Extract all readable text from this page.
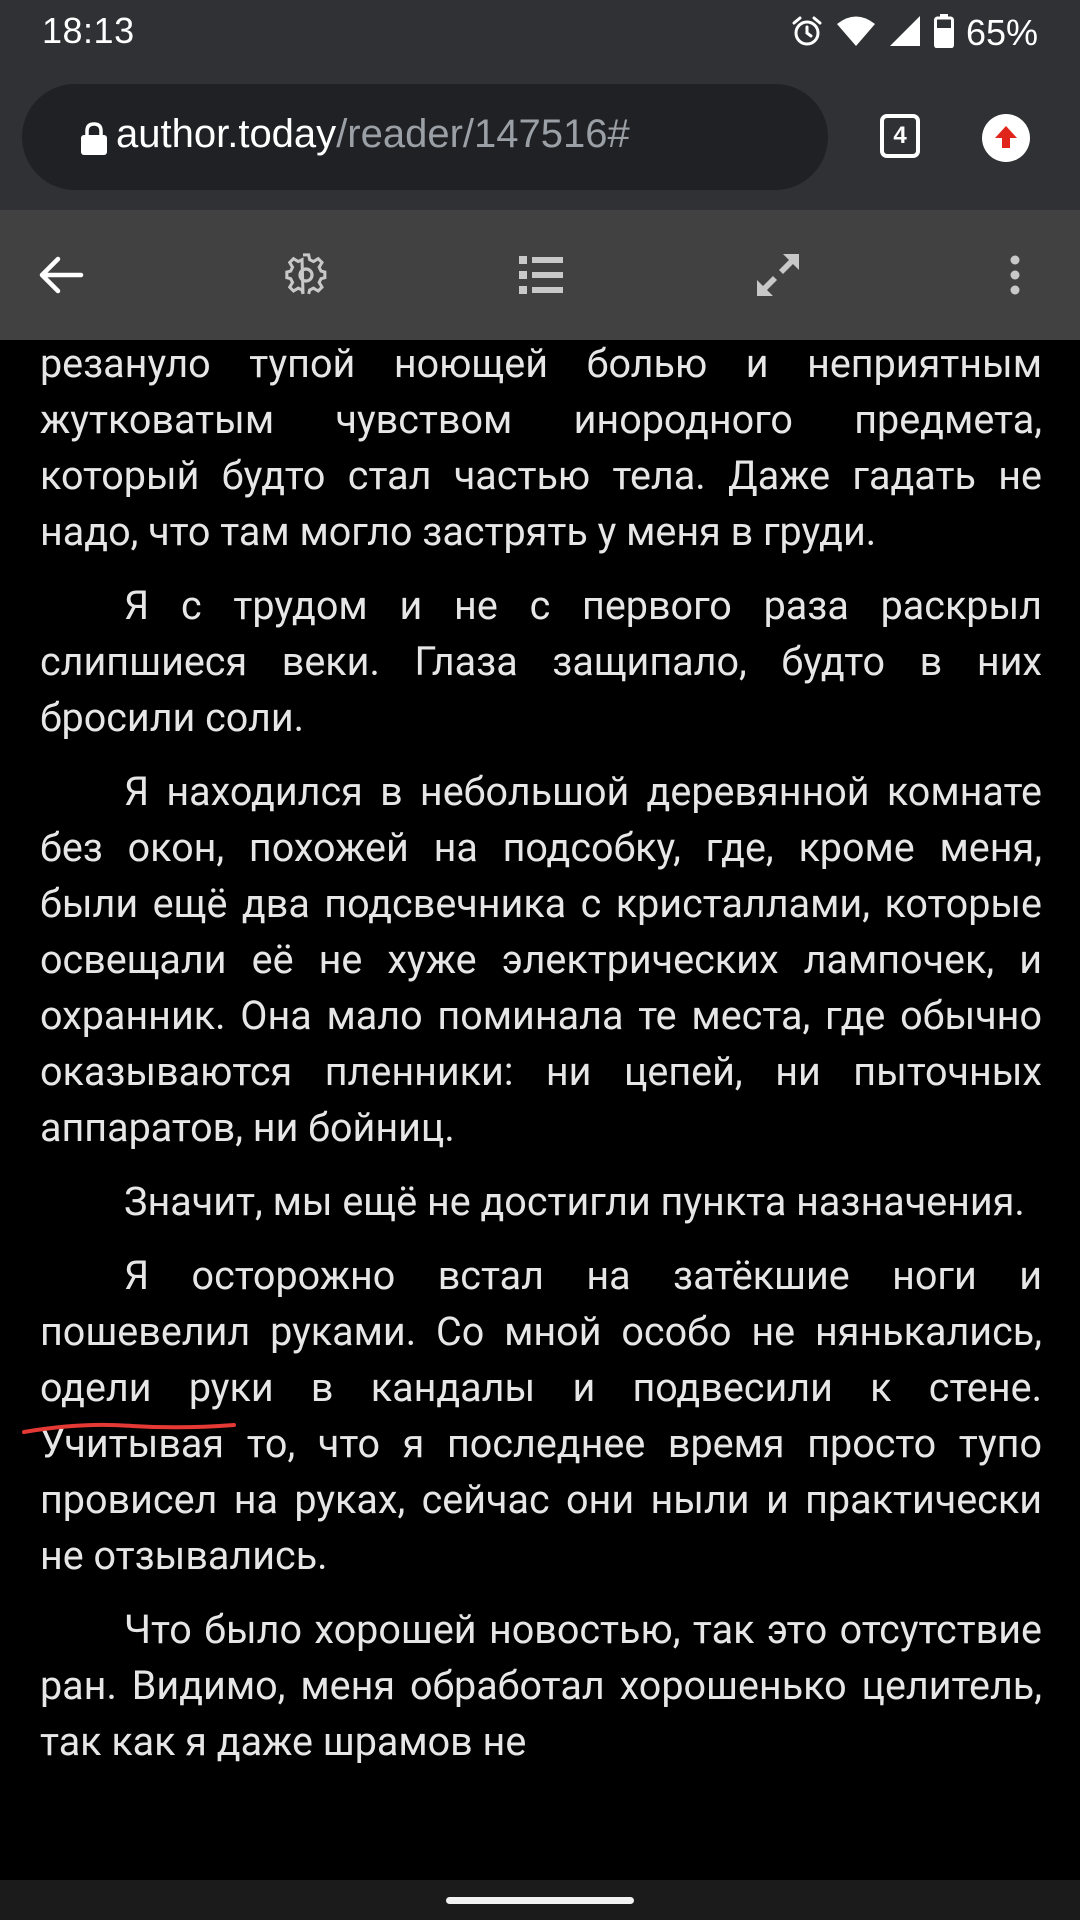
18:13	65%
author.today/reader/147516#	4

резануло тупой ноющей болью и неприятным жутковатым чувством инородного предмета, который будто стал частью тела. Даже гадать не надо, что там могло застрять у меня в груди.

Я с трудом и не с первого раза раскрыл слипшиеся веки. Глаза защипало, будто в них бросили соли.

Я находился в небольшой деревянной комнате без окон, похожей на подсобку, где, кроме меня, были ещё два подсвечника с кристаллами, которые освещали её не хуже электрических лампочек, и охранник. Она мало поминала те места, где обычно оказываются пленники: ни цепей, ни пыточных аппаратов, ни бойниц.

Значит, мы ещё не достигли пункта назначения.

Я осторожно встал на затёкшие ноги и пошевелил руками. Со мной особо не нянькались, одели руки в кандалы и подвесили к стене. Учитывая то, что я последнее время просто тупо провисел на руках, сейчас они ныли и практически не отзывались.

Что было хорошей новостью, так это отсутствие ран. Видимо, меня обработал хорошенько целитель, так как я даже шрамов не
